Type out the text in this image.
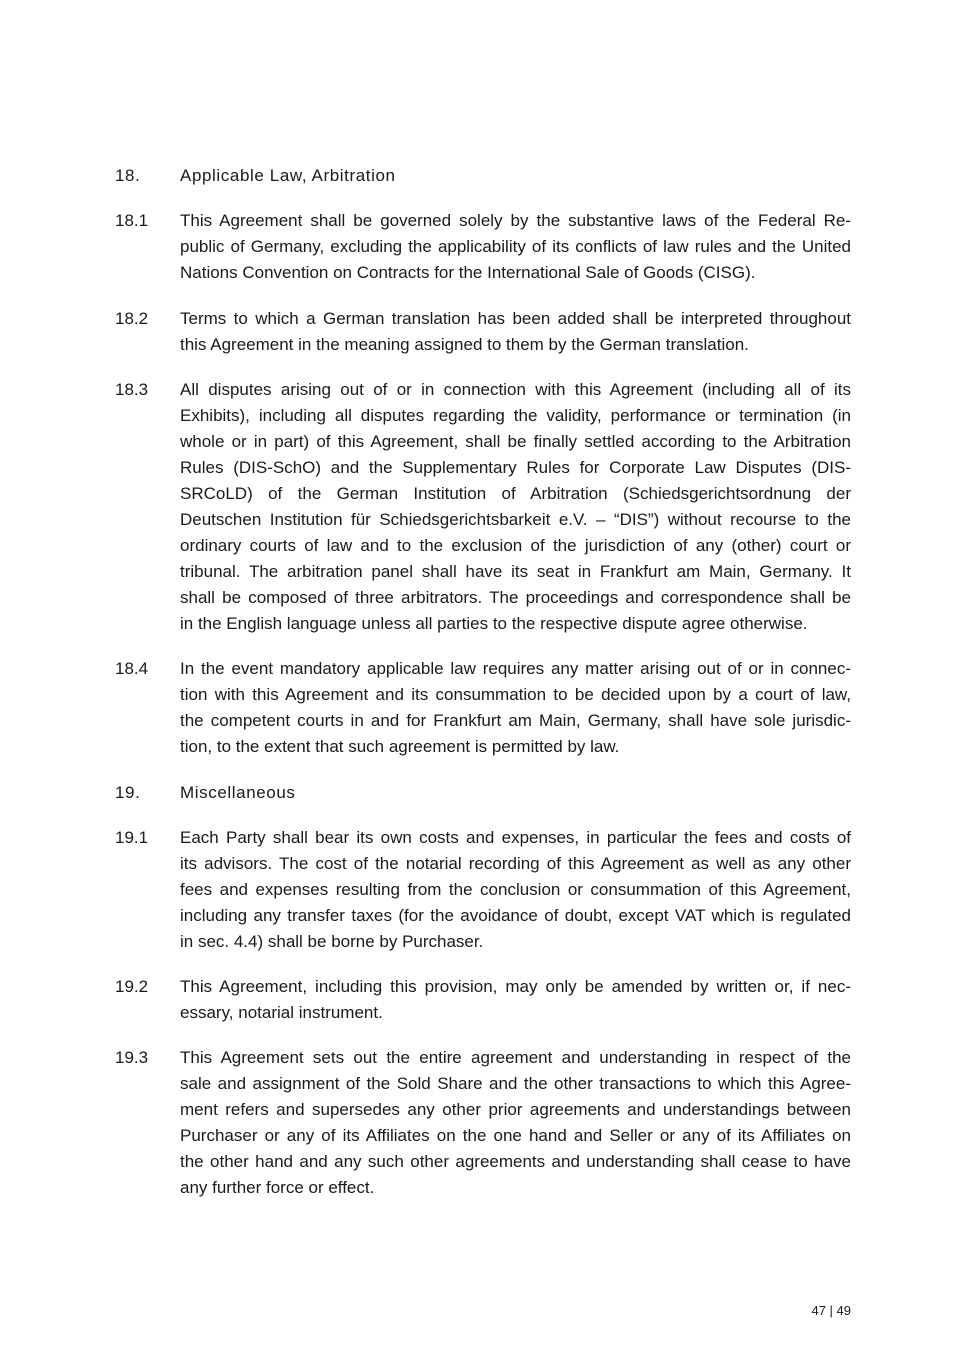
18. Applicable Law, Arbitration
18.1 This Agreement shall be governed solely by the substantive laws of the Federal Re-
public of Germany, excluding the applicability of its conflicts of law rules and the United
Nations Convention on Contracts for the International Sale of Goods (CISG).
18.2 Terms to which a German translation has been added shall be interpreted throughout
this Agreement in the meaning assigned to them by the German translation.
18.3 All disputes arising out of or in connection with this Agreement (including all of its
Exhibits), including all disputes regarding the validity, performance or termination (in
whole or in part) of this Agreement, shall be finally settled according to the Arbitration
Rules (DIS-SchO) and the Supplementary Rules for Corporate Law Disputes (DIS-
SRCoLD) of the German Institution of Arbitration (Schiedsgerichtsordnung der
Deutschen Institution für Schiedsgerichtsbarkeit e.V. – “DIS”) without recourse to the
ordinary courts of law and to the exclusion of the jurisdiction of any (other) court or
tribunal. The arbitration panel shall have its seat in Frankfurt am Main, Germany. It
shall be composed of three arbitrators. The proceedings and correspondence shall be
in the English language unless all parties to the respective dispute agree otherwise.
18.4 In the event mandatory applicable law requires any matter arising out of or in connec-
tion with this Agreement and its consummation to be decided upon by a court of law,
the competent courts in and for Frankfurt am Main, Germany, shall have sole jurisdic-
tion, to the extent that such agreement is permitted by law.
19. Miscellaneous
19.1 Each Party shall bear its own costs and expenses, in particular the fees and costs of
its advisors. The cost of the notarial recording of this Agreement as well as any other
fees and expenses resulting from the conclusion or consummation of this Agreement,
including any transfer taxes (for the avoidance of doubt, except VAT which is regulated
in sec. 4.4) shall be borne by Purchaser.
19.2 This Agreement, including this provision, may only be amended by written or, if nec-
essary, notarial instrument.
19.3 This Agreement sets out the entire agreement and understanding in respect of the
sale and assignment of the Sold Share and the other transactions to which this Agree-
ment refers and supersedes any other prior agreements and understandings between
Purchaser or any of its Affiliates on the one hand and Seller or any of its Affiliates on
the other hand and any such other agreements and understanding shall cease to have
any further force or effect.
47 | 49
